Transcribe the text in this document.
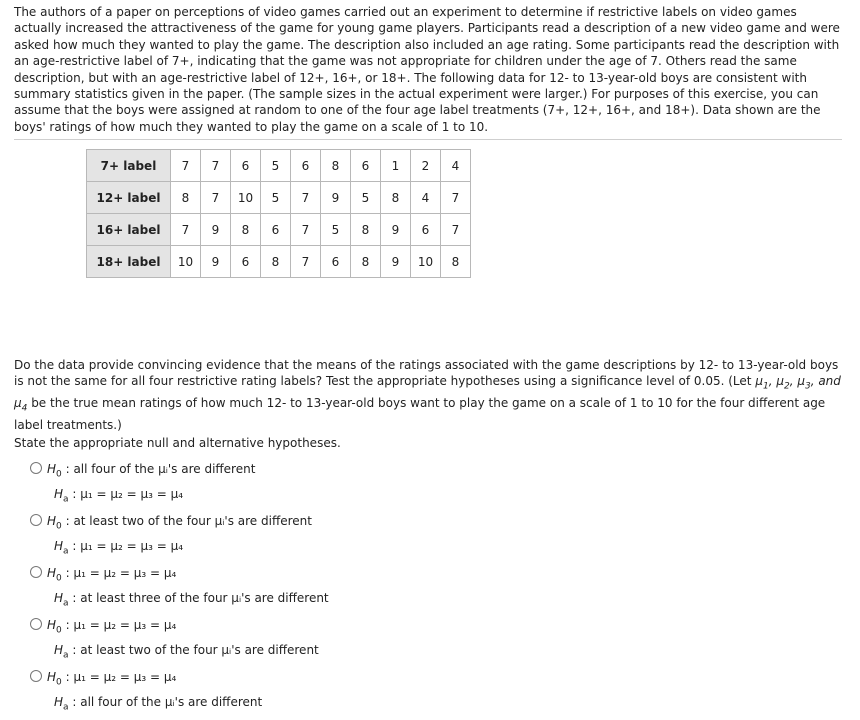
The authors of a paper on perceptions of video games carried out an experiment to determine if restrictive labels on video games actually increased the attractiveness of the game for young game players. Participants read a description of a new video game and were asked how much they wanted to play the game. The description also included an age rating. Some participants read the description with an age-restrictive label of 7+, indicating that the game was not appropriate for children under the age of 7. Others read the same description, but with an age-restrictive label of 12+, 16+, or 18+. The following data for 12- to 13-year-old boys are consistent with summary statistics given in the paper. (The sample sizes in the actual experiment were larger.) For purposes of this exercise, you can assume that the boys were assigned at random to one of the four age label treatments (7+, 12+, 16+, and 18+). Data shown are the boys' ratings of how much they wanted to play the game on a scale of 1 to 10.
7+ label	7	7	6	5	6	8	6	1	2	4
12+ label	8	7	10	5	7	9	5	8	4	7
16+ label	7	9	8	6	7	5	8	9	6	7
18+ label	10	9	6	8	7	6	8	9	10	8
Do the data provide convincing evidence that the means of the ratings associated with the game descriptions by 12- to 13-year-old boys is not the same for all four restrictive rating labels? Test the appropriate hypotheses using a significance level of 0.05. (Let $\mu_1$, $\mu_2$, $\mu_3$, and $\mu_4$ be the true mean ratings of how much 12- to 13-year-old boys want to play the game on a scale of 1 to 10 for the four different age label treatments.)
State the appropriate null and alternative hypotheses.
$H_0$ : all four of the μᵢ's are different
$H_a$ : μ₁ = μ₂ = μ₃ = μ₄
$H_0$ : at least two of the four μᵢ's are different
$H_a$ : μ₁ = μ₂ = μ₃ = μ₄
$H_0$ : μ₁ = μ₂ = μ₃ = μ₄
$H_a$ : at least three of the four μᵢ's are different
$H_0$ : μ₁ = μ₂ = μ₃ = μ₄
$H_a$ : at least two of the four μᵢ's are different
$H_0$ : μ₁ = μ₂ = μ₃ = μ₄
$H_a$ : all four of the μᵢ's are different
